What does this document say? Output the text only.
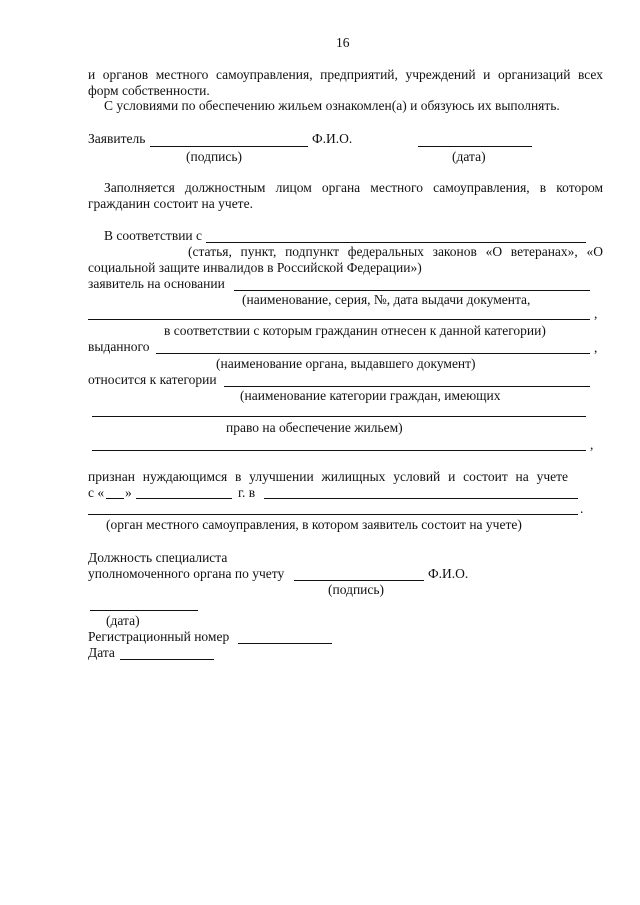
16
и органов местного самоуправления, предприятий, учреждений и организаций всех
форм собственности.
С условиями по обеспечению жильем ознакомлен(а) и обязуюсь их выполнять.
Заявитель	Ф.И.О.
(подпись)	(дата)
Заполняется должностным лицом органа местного самоуправления, в котором
гражданин состоит на учете.
В соответствии с
(статья, пункт, подпункт федеральных законов «О ветеранах», «О
социальной защите инвалидов в Российской Федерации»)
заявитель на основании
(наименование, серия, №, дата выдачи документа,
,
в соответствии с которым гражданин отнесен к данной категории)
выданного	,
(наименование органа, выдавшего документ)
относится к категории
(наименование категории граждан, имеющих
право на обеспечение жильем)
,
признан нуждающимся в улучшении жилищных условий и состоит на учете
с « »	г. в
.
(орган местного самоуправления, в котором заявитель состоит на учете)
Должность специалиста
уполномоченного органа по учету	Ф.И.О.
(подпись)
(дата)
Регистрационный номер
Дата
